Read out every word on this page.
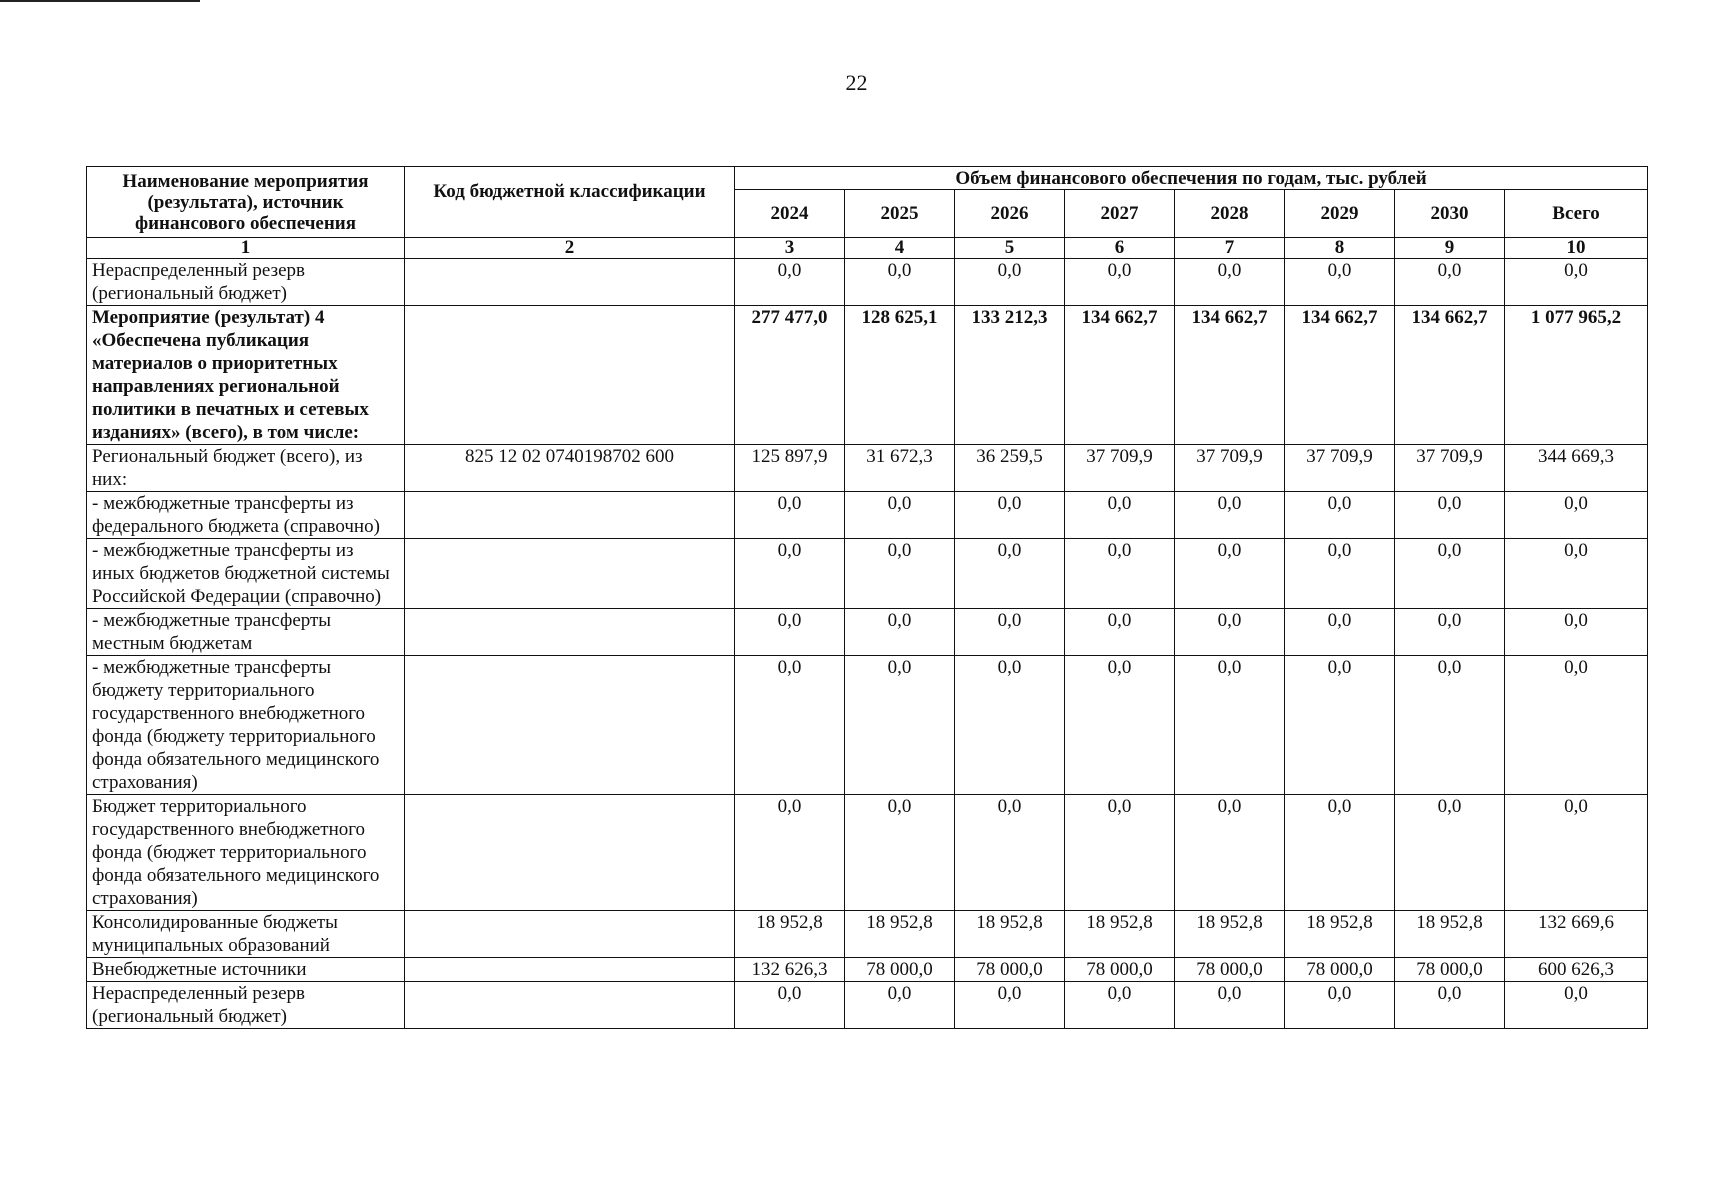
22
Наименование мероприятия (результата), источник финансового обеспечения	Код бюджетной классификации	Объем финансового обеспечения по годам, тыс. рублей							
		2024	2025	2026	2027	2028	2029	2030	Всего
1	2	3	4	5	6	7	8	9	10
Нераспределенный резерв (региональный бюджет)		0,0	0,0	0,0	0,0	0,0	0,0	0,0	0,0
Мероприятие (результат) 4 «Обеспечена публикация материалов о приоритетных направлениях региональной политики в печатных и сетевых изданиях» (всего), в том числе:		277 477,0	128 625,1	133 212,3	134 662,7	134 662,7	134 662,7	134 662,7	1 077 965,2
Региональный бюджет (всего), из них:	825 12 02 0740198702 600	125 897,9	31 672,3	36 259,5	37 709,9	37 709,9	37 709,9	37 709,9	344 669,3
- межбюджетные трансферты из федерального бюджета (справочно)		0,0	0,0	0,0	0,0	0,0	0,0	0,0	0,0
- межбюджетные трансферты из иных бюджетов бюджетной системы Российской Федерации (справочно)		0,0	0,0	0,0	0,0	0,0	0,0	0,0	0,0
- межбюджетные трансферты местным бюджетам		0,0	0,0	0,0	0,0	0,0	0,0	0,0	0,0
- межбюджетные трансферты бюджету территориального государственного внебюджетного фонда (бюджету территориального фонда обязательного медицинского страхования)		0,0	0,0	0,0	0,0	0,0	0,0	0,0	0,0
Бюджет территориального государственного внебюджетного фонда (бюджет территориального фонда обязательного медицинского страхования)		0,0	0,0	0,0	0,0	0,0	0,0	0,0	0,0
Консолидированные бюджеты муниципальных образований		18 952,8	18 952,8	18 952,8	18 952,8	18 952,8	18 952,8	18 952,8	132 669,6
Внебюджетные источники		132 626,3	78 000,0	78 000,0	78 000,0	78 000,0	78 000,0	78 000,0	600 626,3
Нераспределенный резерв (региональный бюджет)		0,0	0,0	0,0	0,0	0,0	0,0	0,0	0,0
